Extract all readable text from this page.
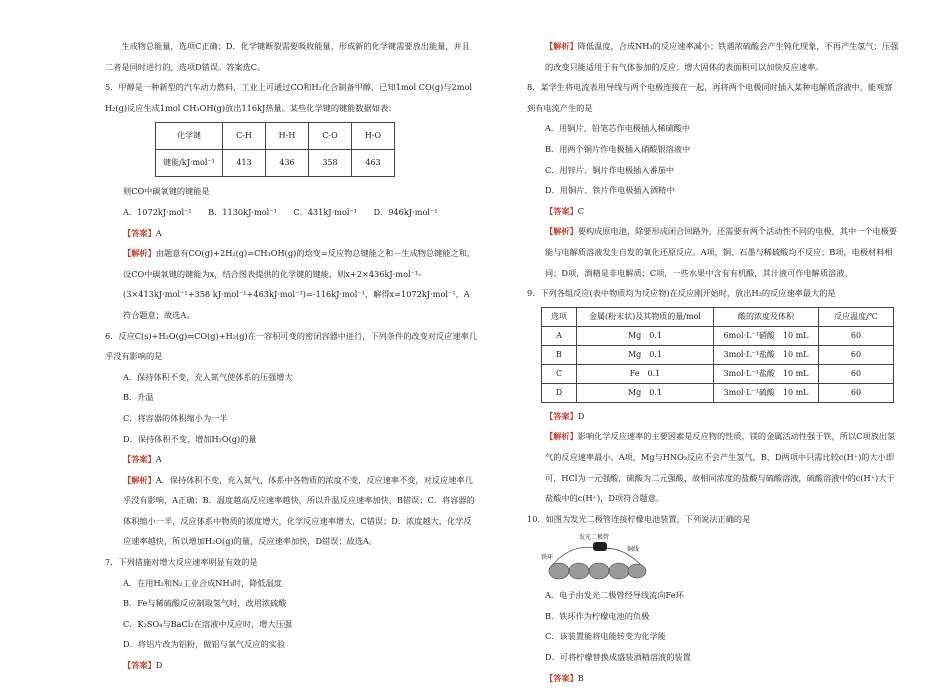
生成物总能量，选项C正确；D．化学键断裂需要吸收能量，形成新的化学键需要放出能量，并且二者是同时进行的，选项D错误。答案选C。

5．甲醇是一种新型的汽车动力燃料，工业上可通过CO和H₂化合制备甲醇，已知1mol CO(g)与2mol H₂(g)反应生成1mol CH₃OH(g)放出116kJ热量。某些化学键的键能数据如表：

化学键	C-H	H-H	C-O	H-O
键能/kJ·mol⁻¹	413	436	358	463

则CO中碳氧键的键能是

A．1072kJ·mol⁻¹　　B．1130kJ·mol⁻¹　　C．431kJ·mol⁻¹　　D．946kJ·mol⁻¹

【答案】A

【解析】由题意有CO(g)+2H₂(g)=CH₃OH(g)的焓变=反应物总键能之和－生成物总键能之和，设CO中碳氧键的键能为x，结合图表提供的化学键的键能，则x+2×436kJ·mol⁻¹-(3×413kJ·mol⁻¹+358 kJ·mol⁻¹+463kJ·mol⁻¹)=-116kJ·mol⁻¹，解得x=1072kJ·mol⁻¹，A符合题意；故选A。

6．反应C(s)+H₂O(g)⇌CO(g)+H₂(g)在一容积可变的密闭容器中进行，下列条件的改变对反应速率几乎没有影响的是

A．保持体积不变，充入氮气使体系的压强增大

B．升温

C．将容器的体积缩小为一半

D．保持体积不变，增加H₂O(g)的量

【答案】A

【解析】A．保持体积不变，充入氮气，体系中各物质的浓度不变，反应速率不变，对反应速率几乎没有影响，A正确；B．温度越高反应速率越快，所以升温反应速率加快，B错误；C．将容器的体积缩小一半，反应体系中物质的浓度增大，化学反应速率增大，C错误；D．浓度越大，化学反应速率越快，所以增加H₂O(g)的量，反应速率加快，D错误；故选A。

7．下列措施对增大反应速率明显有效的是

A．在用H₂和N₂工业合成NH₃时，降低温度

B．Fe与稀硫酸反应制取氢气时，改用浓硫酸

C．K₂SO₄与BaCl₂在溶液中反应时，增大压强

D．将铝片改为铝粉，做铝与氧气反应的实验

【答案】D

【解析】降低温度，合成NH₃的反应速率减小；铁遇浓硫酸会产生钝化现象，不再产生氢气；压强的改变只能适用于有气体参加的反应；增大固体的表面积可以加快反应速率。

8．某学生将电流表用导线与两个电极连接在一起，再将两个电极同时插入某种电解质溶液中，能观察到有电流产生的是

A．用铜片、铅笔芯作电极插入稀硫酸中

B．用两个铜片作电极插入硝酸银溶液中

C．用锌片、铜片作电极插入番茄中

D．用铜片、铁片作电极插入酒精中

【答案】C

【解析】要构成原电池，除要形成闭合回路外，还需要有两个活动性不同的电极，其中一个电极要能与电解质溶液发生自发的氧化还原反应。A项，铜、石墨与稀硫酸均不反应；B项，电极材料相同；D项，酒精是非电解质；C项，一些水果中含有有机酸，其汁液可作电解质溶液。

9．下列各组反应(表中物质均为反应物)在反应刚开始时，放出H₂的反应速率最大的是

选项	金属(粉末状)及其物质的量/mol	酸的浓度及体积	反应温度/℃
A	Mg　0.1	6mol·L⁻¹硝酸　10 mL	60
B	Mg　0.1	3mol·L⁻¹盐酸　10 mL	60
C	Fe　0.1	3mol·L⁻¹盐酸　10 mL	60
D	Mg　0.1	3mol·L⁻¹硫酸　10 mL	60

【答案】D

【解析】影响化学反应速率的主要因素是反应物的性质，镁的金属活动性强于铁，所以C项放出氢气的反应速率最小。A项，Mg与HNO₃反应不会产生氢气，B、D两项中只需比较c(H⁺)的大小即可，HCl为一元强酸，硫酸为二元强酸，故相同浓度的盐酸与硫酸溶液，硫酸溶液中的c(H⁺)大于盐酸中的c(H⁺)，D项符合题意。

10．如图为发光二极管连接柠檬电池装置，下列说法正确的是

发光二极管
铁环
铜线

A．电子由发光二极管经导线流向Fe环

B．铁环作为柠檬电池的负极

C．该装置能将电能转变为化学能

D．可将柠檬替换成盛装酒精溶液的装置

【答案】B
